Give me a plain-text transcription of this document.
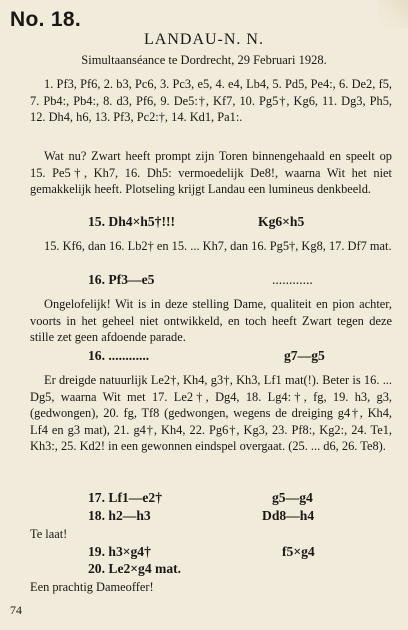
No. 18.
LANDAU-N. N.
Simultaanséance te Dordrecht, 29 Februari 1928.

1. Pf3, Pf6, 2. b3, Pc6, 3. Pc3, e5, 4. e4, Lb4, 5. Pd5, Pe4:, 6. De2, f5, 7. Pb4:, Pb4:, 8. d3, Pf6, 9. De5:†, Kf7, 10. Pg5†, Kg6, 11. Dg3, Ph5, 12. Dh4, h6, 13. Pf3, Pc2:†, 14. Kd1, Pa1:.

Wat nu? Zwart heeft prompt zijn Toren binnengehaald en speelt op 15. Pe5†, Kh7, 16. Dh5: vermoedelijk De8!, waarna Wit het niet gemakkelijk heeft. Plotseling krijgt Landau een lumineus denkbeeld.

15. Dh4×h5†!!!	Kg6×h5

15. Kf6, dan 16. Lb2† en 15. ... Kh7, dan 16. Pg5†, Kg8, 17. Df7 mat.

16. Pf3—e5	............

Ongelofelijk! Wit is in deze stelling Dame, qualiteit en pion achter, voorts in het geheel niet ontwikkeld, en toch heeft Zwart tegen deze stille zet geen afdoende parade.

16. ............	g7—g5

Er dreigde natuurlijk Le2†, Kh4, g3†, Kh3, Lf1 mat(!). Beter is 16. ... Dg5, waarna Wit met 17. Le2†, Dg4, 18. Lg4:†, fg, 19. h3, g3, (gedwongen), 20. fg, Tf8 (gedwongen, wegens de dreiging g4†, Kh4, Lf4 en g3 mat), 21. g4†, Kh4, 22. Pg6†, Kg3, 23. Pf8:, Kg2:, 24. Te1, Kh3:, 25. Kd2! in een gewonnen eindspel overgaat. (25. ... d6, 26. Te8).

17. Lf1—e2†	g5—g4
18. h2—h3	Dd8—h4
Te laat!
19. h3×g4†	f5×g4
20. Le2×g4 mat.
Een prachtig Dameoffer!
74
